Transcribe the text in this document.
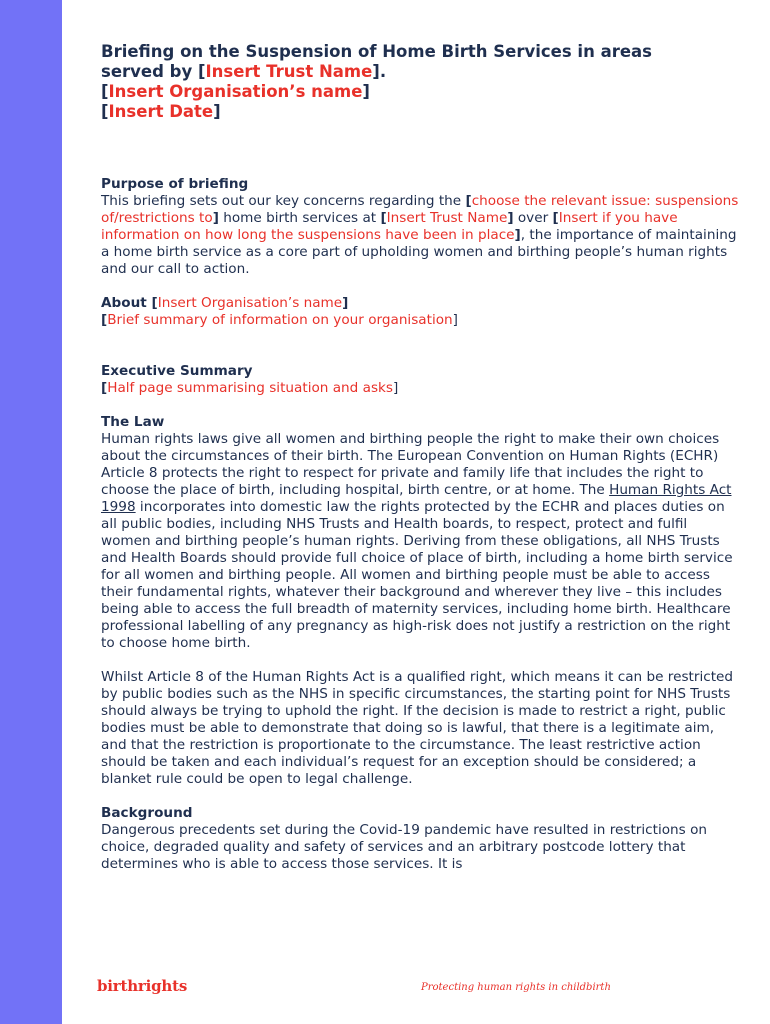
Briefing on the Suspension of Home Birth Services in areas
served by [Insert Trust Name].
[Insert Organisation’s name]
[Insert Date]

Purpose of briefing

This briefing sets out our key concerns regarding the [choose the relevant issue: suspensions of/restrictions to] home birth services at [Insert Trust Name] over [Insert if you have information on how long the suspensions have been in place], the importance of maintaining a home birth service as a core part of upholding women and birthing people’s human rights and our call to action.

About [Insert Organisation’s name]

[Brief summary of information on your organisation]

Executive Summary

[Half page summarising situation and asks]

The Law

Human rights laws give all women and birthing people the right to make their own choices about the circumstances of their birth. The European Convention on Human Rights (ECHR) Article 8 protects the right to respect for private and family life that includes the right to choose the place of birth, including hospital, birth centre, or at home. The Human Rights Act 1998 incorporates into domestic law the rights protected by the ECHR and places duties on all public bodies, including NHS Trusts and Health boards, to respect, protect and fulfil women and birthing people’s human rights. Deriving from these obligations, all NHS Trusts and Health Boards should provide full choice of place of birth, including a home birth service for all women and birthing people. All women and birthing people must be able to access their fundamental rights, whatever their background and wherever they live – this includes being able to access the full breadth of maternity services, including home birth. Healthcare professional labelling of any pregnancy as high-risk does not justify a restriction on the right to choose home birth.

Whilst Article 8 of the Human Rights Act is a qualified right, which means it can be restricted by public bodies such as the NHS in specific circumstances, the starting point for NHS Trusts should always be trying to uphold the right. If the decision is made to restrict a right, public bodies must be able to demonstrate that doing so is lawful, that there is a legitimate aim, and that the restriction is proportionate to the circumstance. The least restrictive action should be taken and each individual’s request for an exception should be considered; a blanket rule could be open to legal challenge.

Background

Dangerous precedents set during the Covid-19 pandemic have resulted in restrictions on choice, degraded quality and safety of services and an arbitrary postcode lottery that determines who is able to access those services. It is

birthrights	Protecting human rights in childbirth
